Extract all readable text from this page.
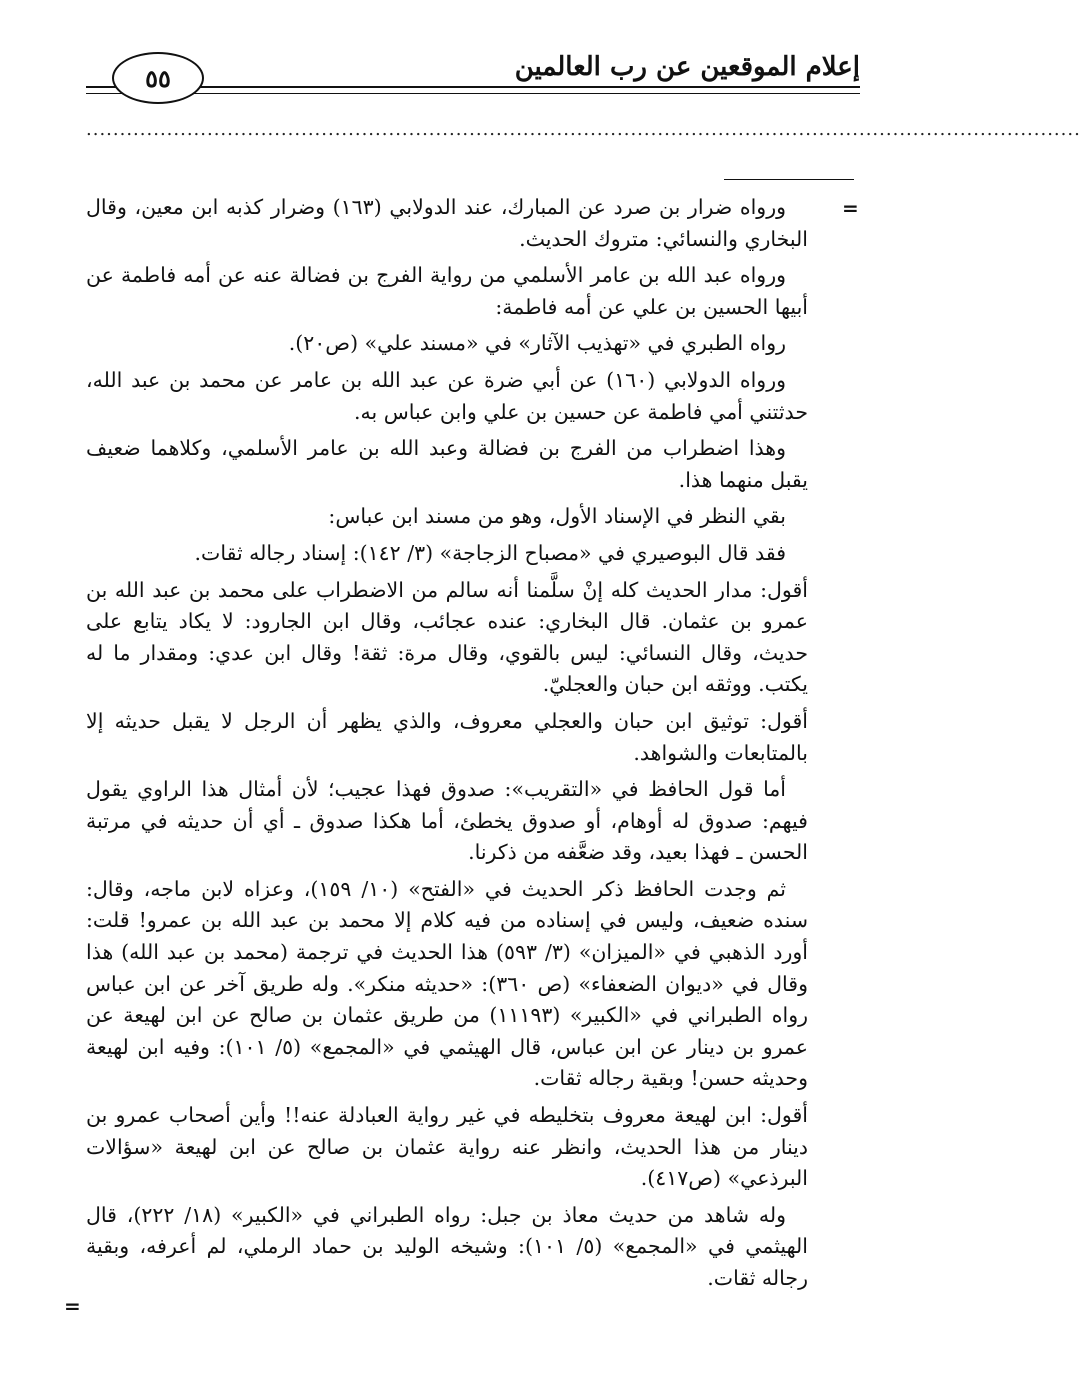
إعلام الموقعين عن رب العالمين
٥٥
....................................................................................................................................................
=

ورواه ضرار بن صرد عن المبارك، عند الدولابي (١٦٣) وضرار كذبه ابن معين، وقال البخاري والنسائي: متروك الحديث.

ورواه عبد الله بن عامر الأسلمي من رواية الفرج بن فضالة عنه عن أمه فاطمة عن أبيها الحسين بن علي عن أمه فاطمة:

رواه الطبري في «تهذيب الآثار» في «مسند علي» (ص٢٠).

ورواه الدولابي (١٦٠) عن أبي ضرة عن عبد الله بن عامر عن محمد بن عبد الله، حدثتني أمي فاطمة عن حسين بن علي وابن عباس به.

وهذا اضطراب من الفرج بن فضالة وعبد الله بن عامر الأسلمي، وكلاهما ضعيف يقبل منهما هذا.

بقي النظر في الإسناد الأول، وهو من مسند ابن عباس:

فقد قال البوصيري في «مصباح الزجاجة» (٣/ ١٤٢): إسناد رجاله ثقات.

أقول: مدار الحديث كله إنْ سلَّمنا أنه سالم من الاضطراب على محمد بن عبد الله بن عمرو بن عثمان. قال البخاري: عنده عجائب، وقال ابن الجارود: لا يكاد يتابع على حديث، وقال النسائي: ليس بالقوي، وقال مرة: ثقة! وقال ابن عدي: ومقدار ما له يكتب. ووثقه ابن حبان والعجليّ.

أقول: توثيق ابن حبان والعجلي معروف، والذي يظهر أن الرجل لا يقبل حديثه إلا بالمتابعات والشواهد.

أما قول الحافظ في «التقريب»: صدوق فهذا عجيب؛ لأن أمثال هذا الراوي يقول فيهم: صدوق له أوهام، أو صدوق يخطئ، أما هكذا صدوق ـ أي أن حديثه في مرتبة الحسن ـ فهذا بعيد، وقد ضعَّفه من ذكرنا.

ثم وجدت الحافظ ذكر الحديث في «الفتح» (١٠/ ١٥٩)، وعزاه لابن ماجه، وقال: سنده ضعيف، وليس في إسناده من فيه كلام إلا محمد بن عبد الله بن عمرو! قلت: أورد الذهبي في «الميزان» (٣/ ٥٩٣) هذا الحديث في ترجمة (محمد بن عبد الله) هذا وقال في «ديوان الضعفاء» (ص ٣٦٠): «حديثه منكر». وله طريق آخر عن ابن عباس رواه الطبراني في «الكبير» (١١١٩٣) من طريق عثمان بن صالح عن ابن لهيعة عن عمرو بن دينار عن ابن عباس، قال الهيثمي في «المجمع» (٥/ ١٠١): وفيه ابن لهيعة وحديثه حسن! وبقية رجاله ثقات.

أقول: ابن لهيعة معروف بتخليطه في غير رواية العبادلة عنه!! وأين أصحاب عمرو بن دينار من هذا الحديث، وانظر عنه رواية عثمان بن صالح عن ابن لهيعة «سؤالات البرذعي» (ص٤١٧).

وله شاهد من حديث معاذ بن جبل: رواه الطبراني في «الكبير» (١٨/ ٢٢٢)، قال الهيثمي في «المجمع» (٥/ ١٠١): وشيخه الوليد بن حماد الرملي، لم أعرفه، وبقية رجاله ثقات.

=
